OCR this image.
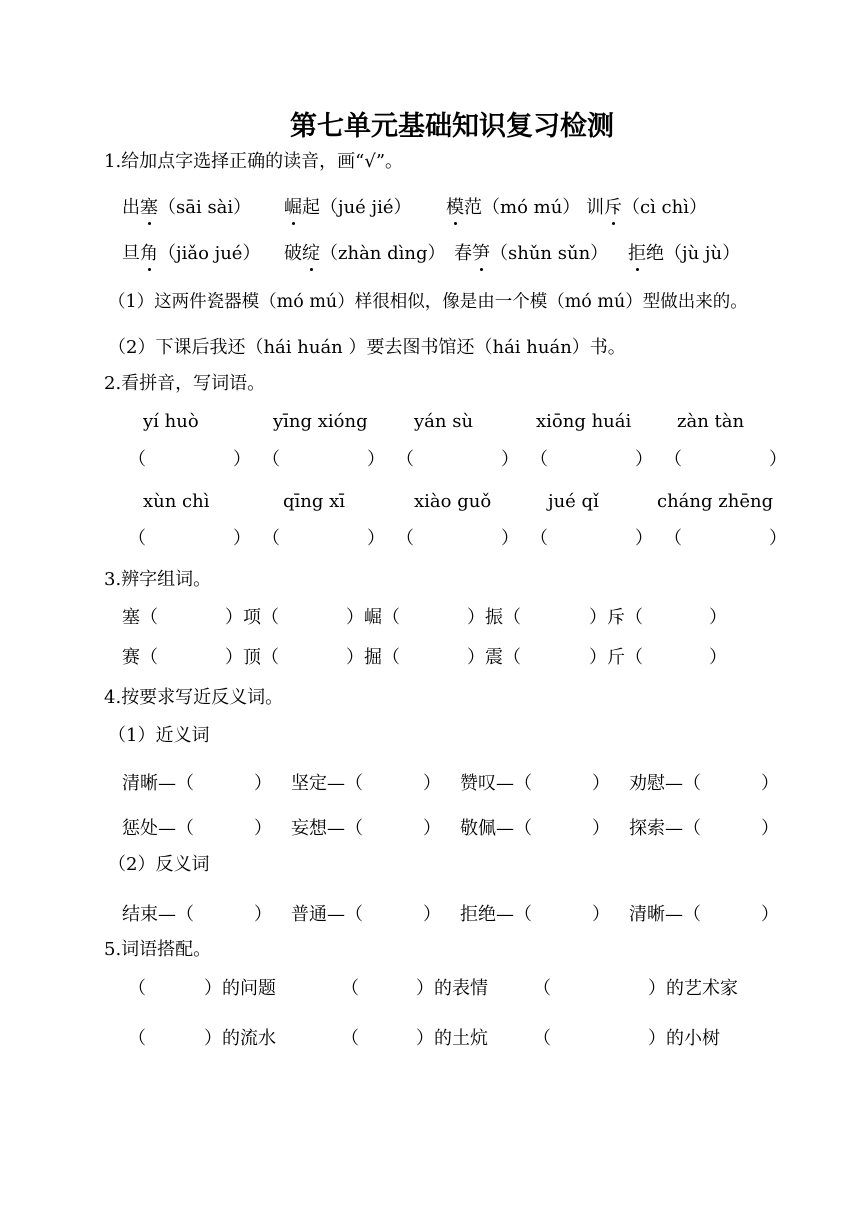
第七单元基础知识复习检测
1.给加点字选择正确的读音，画“√”。
出塞（sāi sài） 崛起（jué jié） 模范（mó mú） 训斥（cì chì）
旦角（jiǎo jué） 破绽（zhàn dìng） 春笋（shǔn sǔn） 拒绝（jù jù）
（1）这两件瓷器模（mó mú）样很相似，像是由一个模（mó mú）型做出来的。
（2）下课后我还（hái huán ）要去图书馆还（hái huán）书。
2.看拼音，写词语。
yí huò	yīng xióng	yán sù	xiōng huái	zàn tàn
（　　　　） （　　　　） （　　　　） （　　　　） （　　　　）
xùn chì	qīng xī	xiào guǒ	jué qǐ	cháng zhēng
（　　　　） （　　　　） （　　　　） （　　　　） （　　　　）
3.辨字组词。
塞（	）项（	）崛（	）振（	）斥（	）
赛（	）顶（	）掘（	）震（	）斤（	）
4.按要求写近反义词。
（1）近义词
清晰—（	） 坚定—（	） 赞叹—（	） 劝慰—（	）
惩处—（	） 妄想—（	） 敬佩—（	） 探索—（	）
（2）反义词
结束—（	） 普通—（	） 拒绝—（	） 清晰—（	）
5.词语搭配。
（	）的问题	（	）的表情	（	）的艺术家
（	）的流水	（	）的土炕	（	）的小树
